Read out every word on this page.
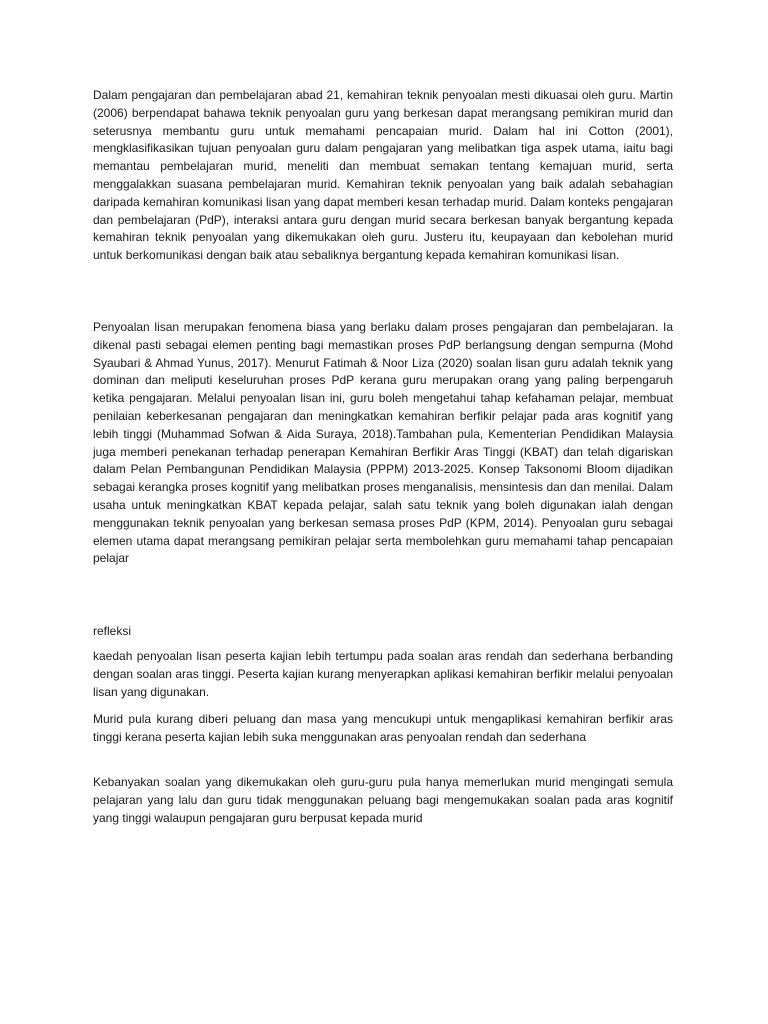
Dalam pengajaran dan pembelajaran abad 21, kemahiran teknik penyoalan mesti dikuasai oleh guru. Martin (2006) berpendapat bahawa teknik penyoalan guru yang berkesan dapat merangsang pemikiran murid dan seterusnya membantu guru untuk memahami pencapaian murid. Dalam hal ini Cotton (2001), mengklasifikasikan tujuan penyoalan guru dalam pengajaran yang melibatkan tiga aspek utama, iaitu bagi memantau pembelajaran murid, meneliti dan membuat semakan tentang kemajuan murid, serta menggalakkan suasana pembelajaran murid. Kemahiran teknik penyoalan yang baik adalah sebahagian daripada kemahiran komunikasi lisan yang dapat memberi kesan terhadap murid. Dalam konteks pengajaran dan pembelajaran (PdP), interaksi antara guru dengan murid secara berkesan banyak bergantung kepada kemahiran teknik penyoalan yang dikemukakan oleh guru. Justeru itu, keupayaan dan kebolehan murid untuk berkomunikasi dengan baik atau sebaliknya bergantung kepada kemahiran komunikasi lisan.

Penyoalan lisan merupakan fenomena biasa yang berlaku dalam proses pengajaran dan pembelajaran. Ia dikenal pasti sebagai elemen penting bagi memastikan proses PdP berlangsung dengan sempurna (Mohd Syaubari & Ahmad Yunus, 2017). Menurut Fatimah & Noor Liza (2020) soalan lisan guru adalah teknik yang dominan dan meliputi keseluruhan proses PdP kerana guru merupakan orang yang paling berpengaruh ketika pengajaran. Melalui penyoalan lisan ini, guru boleh mengetahui tahap kefahaman pelajar, membuat penilaian keberkesanan pengajaran dan meningkatkan kemahiran berfikir pelajar pada aras kognitif yang lebih tinggi (Muhammad Sofwan & Aida Suraya, 2018).Tambahan pula, Kementerian Pendidikan Malaysia juga memberi penekanan terhadap penerapan Kemahiran Berfikir Aras Tinggi (KBAT) dan telah digariskan dalam Pelan Pembangunan Pendidikan Malaysia (PPPM) 2013-2025. Konsep Taksonomi Bloom dijadikan sebagai kerangka proses kognitif yang melibatkan proses menganalisis, mensintesis dan dan menilai. Dalam usaha untuk meningkatkan KBAT kepada pelajar, salah satu teknik yang boleh digunakan ialah dengan menggunakan teknik penyoalan yang berkesan semasa proses PdP (KPM, 2014). Penyoalan guru sebagai elemen utama dapat merangsang pemikiran pelajar serta membolehkan guru memahami tahap pencapaian pelajar

refleksi

kaedah penyoalan lisan peserta kajian lebih tertumpu pada soalan aras rendah dan sederhana berbanding dengan soalan aras tinggi. Peserta kajian kurang menyerapkan aplikasi kemahiran berfikir melalui penyoalan lisan yang digunakan.

Murid pula kurang diberi peluang dan masa yang mencukupi untuk mengaplikasi kemahiran berfikir aras tinggi kerana peserta kajian lebih suka menggunakan aras penyoalan rendah dan sederhana

Kebanyakan soalan yang dikemukakan oleh guru-guru pula hanya memerlukan murid mengingati semula pelajaran yang lalu dan guru tidak menggunakan peluang bagi mengemukakan soalan pada aras kognitif yang tinggi walaupun pengajaran guru berpusat kepada murid
